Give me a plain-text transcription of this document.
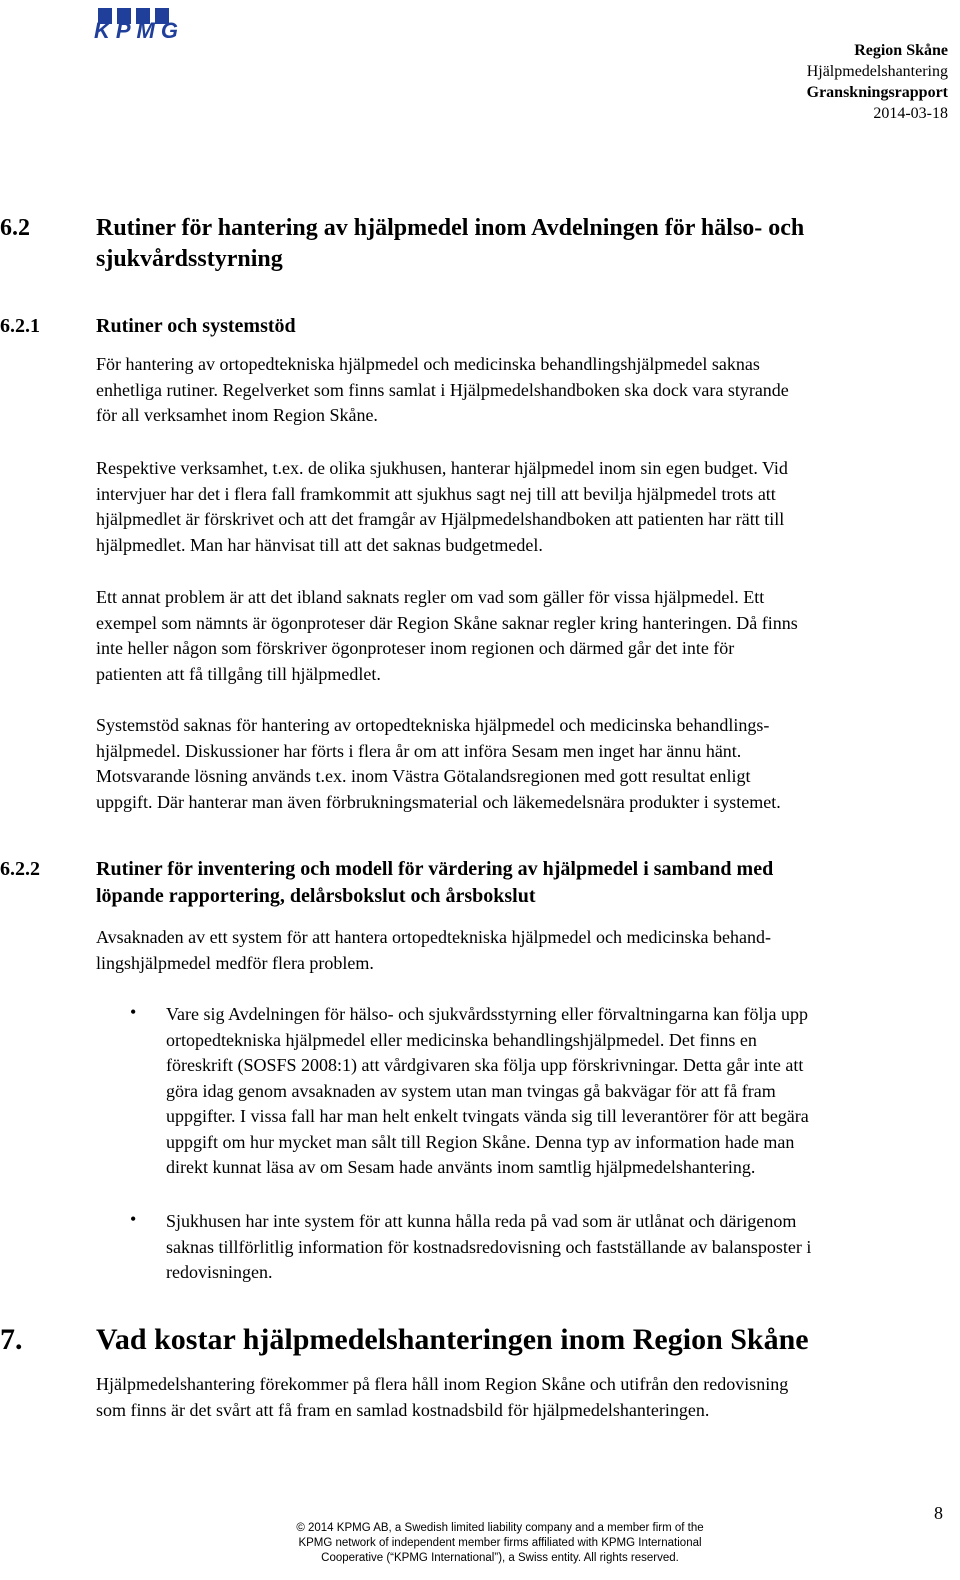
KPMG
Region Skåne
Hjälpmedelshantering
Granskningsrapport
2014-03-18
6.2	Rutiner för hantering av hjälpmedel inom Avdelningen för hälso- och
sjukvårdsstyrning
6.2.1	Rutiner och systemstöd
För hantering av ortopedtekniska hjälpmedel och medicinska behandlingshjälpmedel saknas
enhetliga rutiner. Regelverket som finns samlat i Hjälpmedelshandboken ska dock vara styrande
för all verksamhet inom Region Skåne.
Respektive verksamhet, t.ex. de olika sjukhusen, hanterar hjälpmedel inom sin egen budget. Vid
intervjuer har det i flera fall framkommit att sjukhus sagt nej till att bevilja hjälpmedel trots att
hjälpmedlet är förskrivet och att det framgår av Hjälpmedelshandboken att patienten har rätt till
hjälpmedlet. Man har hänvisat till att det saknas budgetmedel.
Ett annat problem är att det ibland saknats regler om vad som gäller för vissa hjälpmedel. Ett
exempel som nämnts är ögonproteser där Region Skåne saknar regler kring hanteringen. Då finns
inte heller någon som förskriver ögonproteser inom regionen och därmed går det inte för
patienten att få tillgång till hjälpmedlet.
Systemstöd saknas för hantering av ortopedtekniska hjälpmedel och medicinska behandlings-
hjälpmedel. Diskussioner har förts i flera år om att införa Sesam men inget har ännu hänt.
Motsvarande lösning används t.ex. inom Västra Götalandsregionen med gott resultat enligt
uppgift. Där hanterar man även förbrukningsmaterial och läkemedelsnära produkter i systemet.
6.2.2	Rutiner för inventering och modell för värdering av hjälpmedel i samband med
löpande rapportering, delårsbokslut och årsbokslut
Avsaknaden av ett system för att hantera ortopedtekniska hjälpmedel och medicinska behand-
lingshjälpmedel medför flera problem.
• Vare sig Avdelningen för hälso- och sjukvårdsstyrning eller förvaltningarna kan följa upp
ortopedtekniska hjälpmedel eller medicinska behandlingshjälpmedel. Det finns en
föreskrift (SOSFS 2008:1) att vårdgivaren ska följa upp förskrivningar. Detta går inte att
göra idag genom avsaknaden av system utan man tvingas gå bakvägar för att få fram
uppgifter. I vissa fall har man helt enkelt tvingats vända sig till leverantörer för att begära
uppgift om hur mycket man sålt till Region Skåne. Denna typ av information hade man
direkt kunnat läsa av om Sesam hade använts inom samtlig hjälpmedelshantering.
• Sjukhusen har inte system för att kunna hålla reda på vad som är utlånat och därigenom
saknas tillförlitlig information för kostnadsredovisning och fastställande av balansposter i
redovisningen.
7. Vad kostar hjälpmedelshanteringen inom Region Skåne
Hjälpmedelshantering förekommer på flera håll inom Region Skåne och utifrån den redovisning
som finns är det svårt att få fram en samlad kostnadsbild för hjälpmedelshanteringen.
© 2014 KPMG AB, a Swedish limited liability company and a member firm of the
KPMG network of independent member firms affiliated with KPMG International
Cooperative (“KPMG International”), a Swiss entity. All rights reserved.
8
